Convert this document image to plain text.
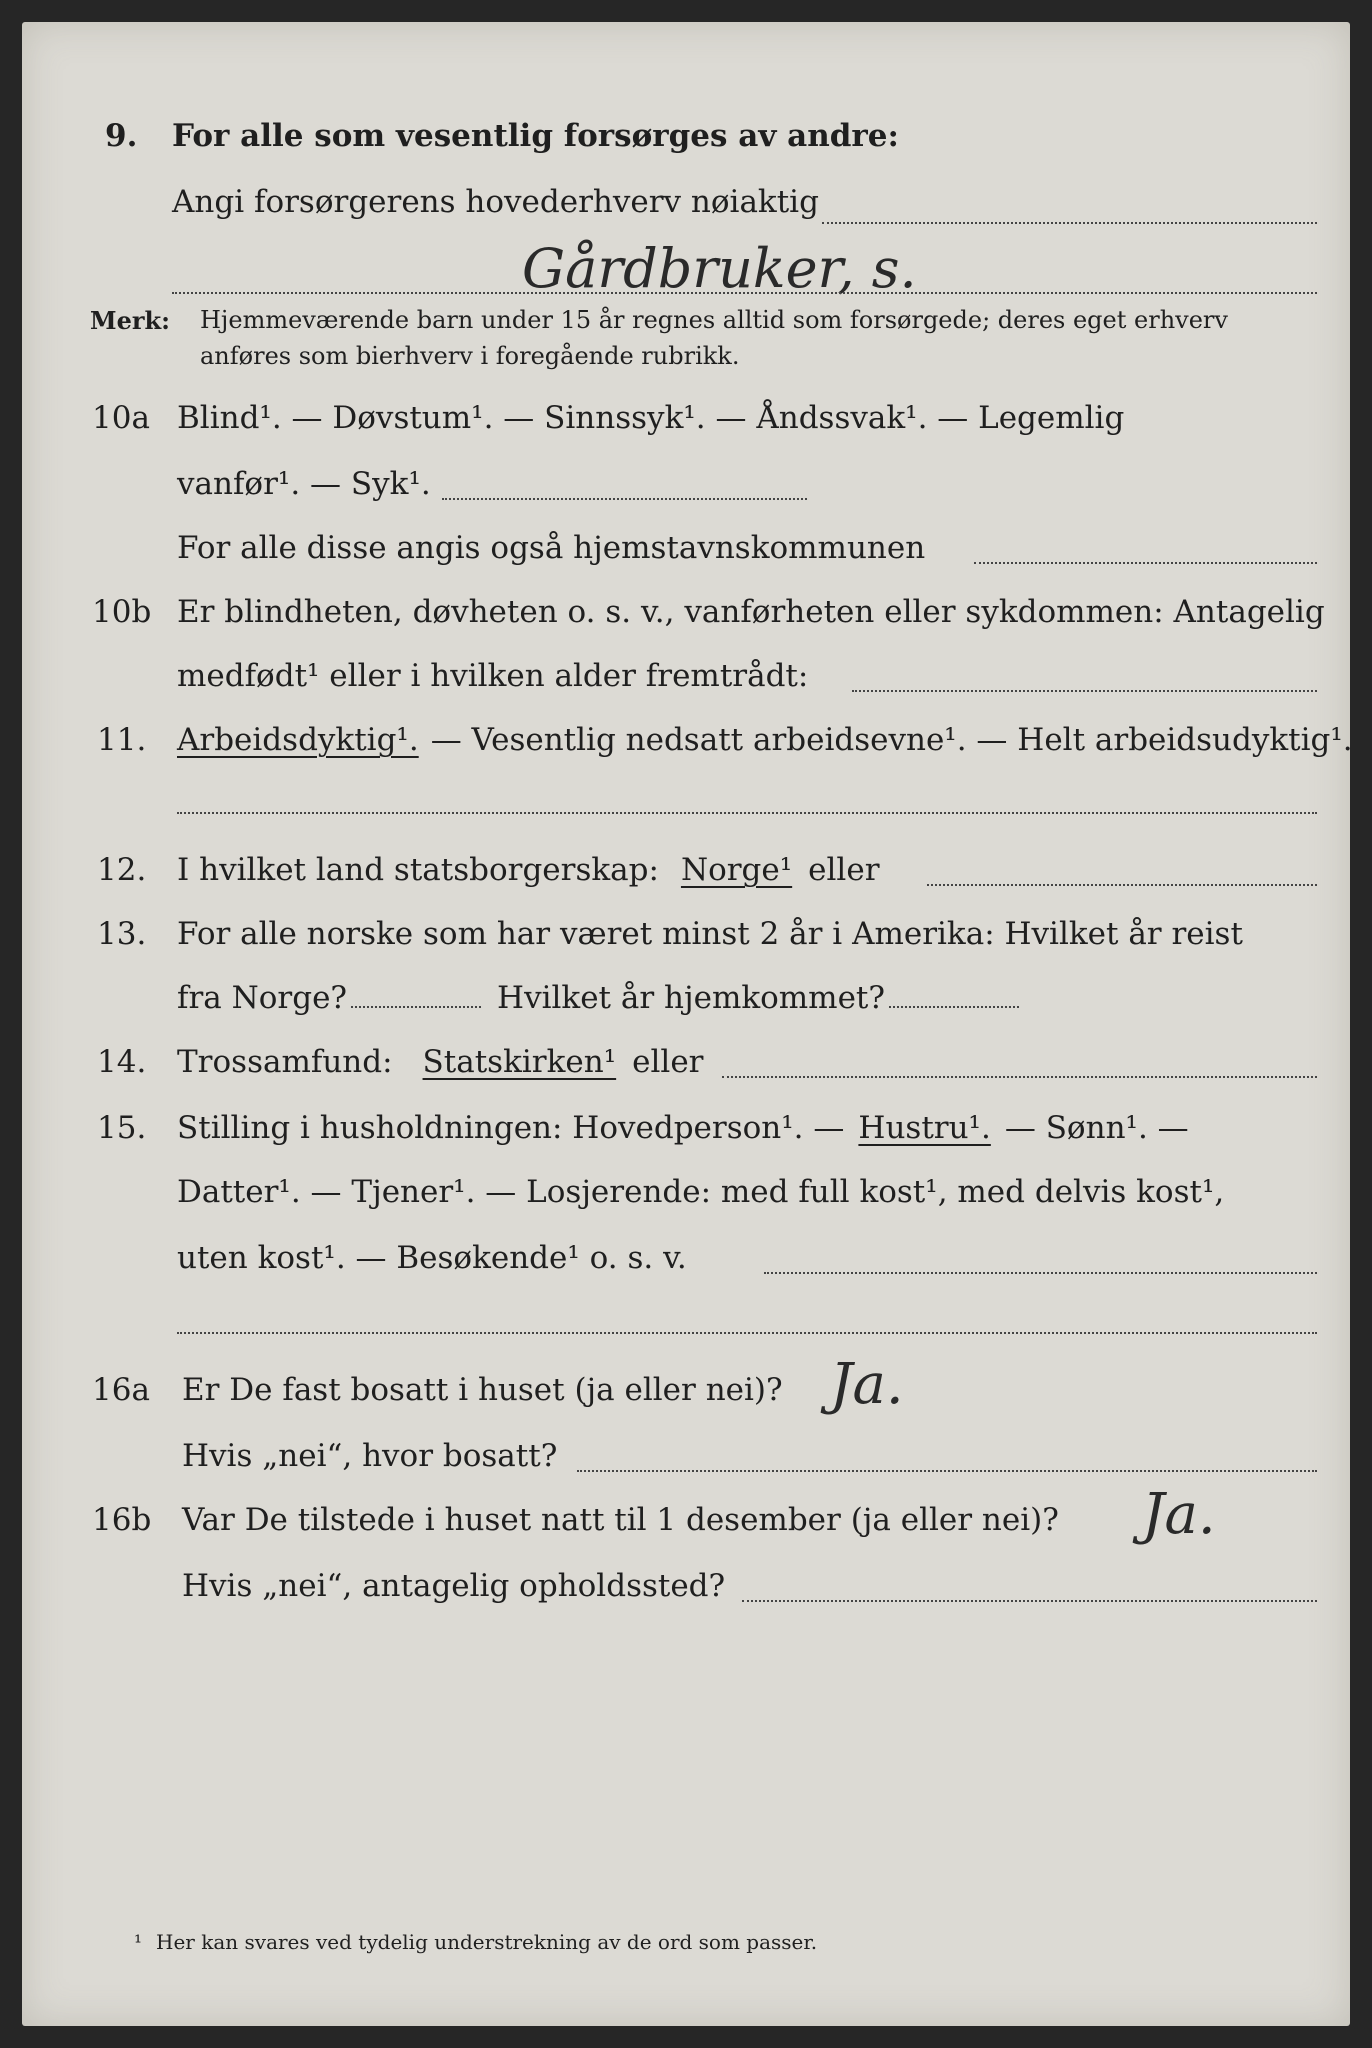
9. For alle som vesentlig forsørges av andre:
Angi forsørgerens hovederhverv nøiaktig
Gårdbruker, s.
Merk: Hjemmeværende barn under 15 år regnes alltid som forsørgede; deres eget erhverv
anføres som bierhverv i foregående rubrikk.
10a Blind¹. — Døvstum¹. — Sinnssyk¹. — Åndssvak¹. — Legemlig
vanfør¹. — Syk¹.
For alle disse angis også hjemstavnskommunen
10b Er blindheten, døvheten o. s. v., vanførheten eller sykdommen: Antagelig
medfødt¹ eller i hvilken alder fremtrådt:
11. Arbeidsdyktig¹. — Vesentlig nedsatt arbeidsevne¹. — Helt arbeidsudyktig¹.
12. I hvilket land statsborgerskap: Norge¹ eller
13. For alle norske som har været minst 2 år i Amerika: Hvilket år reist
fra Norge?	Hvilket år hjemkommet?
14. Trossamfund: Statskirken¹ eller
15. Stilling i husholdningen: Hovedperson¹. — Hustru¹. — Sønn¹. —
Datter¹. — Tjener¹. — Losjerende: med full kost¹, med delvis kost¹,
uten kost¹. — Besøkende¹ o. s. v.
16a Er De fast bosatt i huset (ja eller nei)? Ja.
Hvis „nei“, hvor bosatt?
16b Var De tilstede i huset natt til 1 desember (ja eller nei)? Ja.
Hvis „nei“, antagelig opholdssted?
¹ Her kan svares ved tydelig understrekning av de ord som passer.
